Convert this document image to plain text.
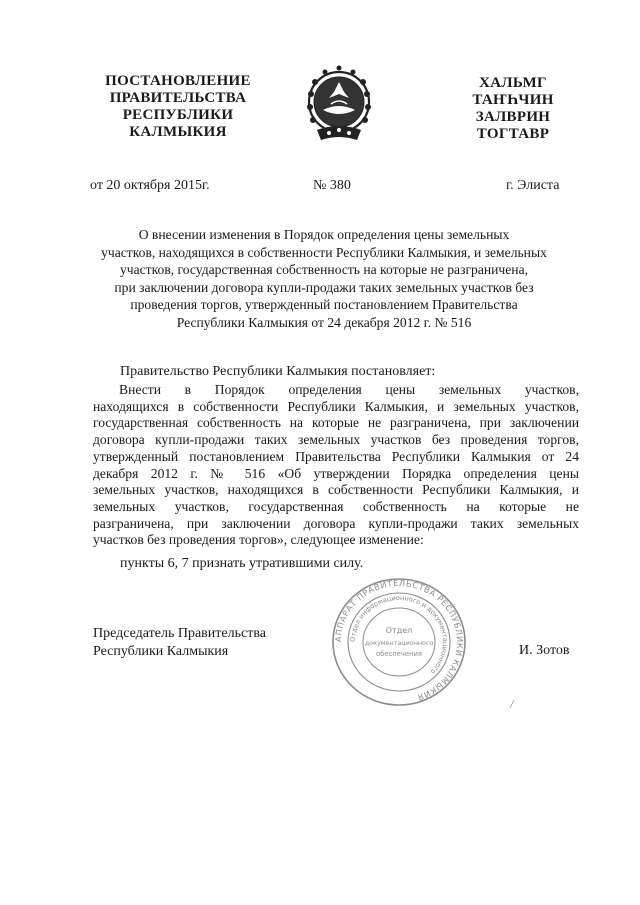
ПОСТАНОВЛЕНИЕ
ПРАВИТЕЛЬСТВА
РЕСПУБЛИКИ
КАЛМЫКИЯ
ХАЛЬМГ
ТАҤҺЧИН
ЗАЛВРИН
ТОГТАВР
от 20 октября 2015г.	№ 380	г. Элиста
О внесении изменения в Порядок определения цены земельных
участков, находящихся в собственности Республики Калмыкия, и земельных
участков, государственная собственность на которые не разграничена,
при заключении договора купли-продажи таких земельных участков без
проведения торгов, утвержденный постановлением Правительства
Республики Калмыкия от 24 декабря 2012 г. № 516
Правительство Республики Калмыкия постановляет:
Внести в Порядок определения цены земельных участков,
находящихся в собственности Республики Калмыкия, и земельных участков,
государственная собственность на которые не разграничена, при заключении
договора купли-продажи таких земельных участков без проведения торгов,
утвержденный постановлением Правительства Республики Калмыкия от 24
декабря 2012 г. № 516 «Об утверждении Порядка определения цены
земельных участков, находящихся в собственности Республики Калмыкия, и
земельных участков, государственная собственность на которые не
разграничена, при заключении договора купли-продажи таких земельных
участков без проведения торгов», следующее изменение:
пункты 6, 7 признать утратившими силу.
Председатель Правительства
Республики Калмыкия	И. Зотов
АППАРАТ ПРАВИТЕЛЬСТВА РЕСПУБЛИКИ КАЛМЫКИЯ
Отдел информационного и документационного
Отдел
документационного
обеспечения
